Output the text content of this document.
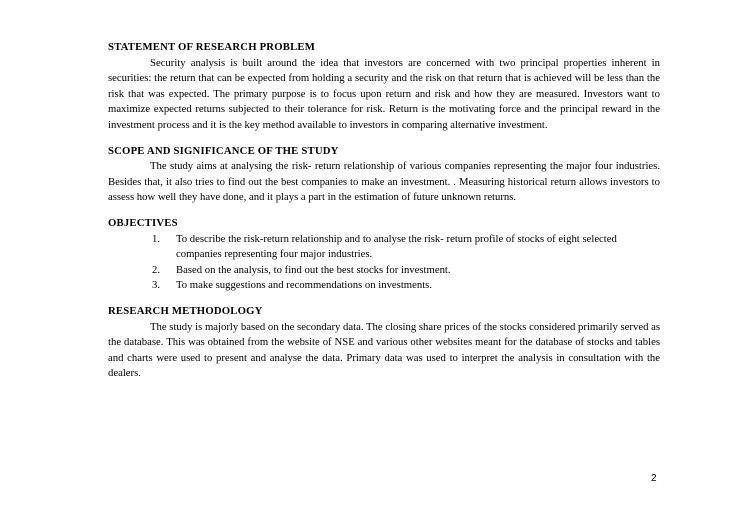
STATEMENT OF RESEARCH PROBLEM

Security analysis is built around the idea that investors are concerned with two principal properties inherent in securities: the return that can be expected from holding a security and the risk on that return that is achieved will be less than the risk that was expected. The primary purpose is to focus upon return and risk and how they are measured. Investors want to maximize expected returns subjected to their tolerance for risk. Return is the motivating force and the principal reward in the investment process and it is the key method available to investors in comparing alternative investment.

SCOPE AND SIGNIFICANCE OF THE STUDY

The study aims at analysing the risk- return relationship of various companies representing the major four industries. Besides that, it also tries to find out the best companies to make an investment. . Measuring historical return allows investors to assess how well they have done, and it plays a part in the estimation of future unknown returns.

OBJECTIVES

1. To describe the risk-return relationship and to analyse the risk- return profile of stocks of eight selected companies representing four major industries.
2. Based on the analysis, to find out the best stocks for investment.
3. To make suggestions and recommendations on investments.

RESEARCH METHODOLOGY

The study is majorly based on the secondary data. The closing share prices of the stocks considered primarily served as the database. This was obtained from the website of NSE and various other websites meant for the database of stocks and tables and charts were used to present and analyse the data. Primary data was used to interpret the analysis in consultation with the dealers.

2
